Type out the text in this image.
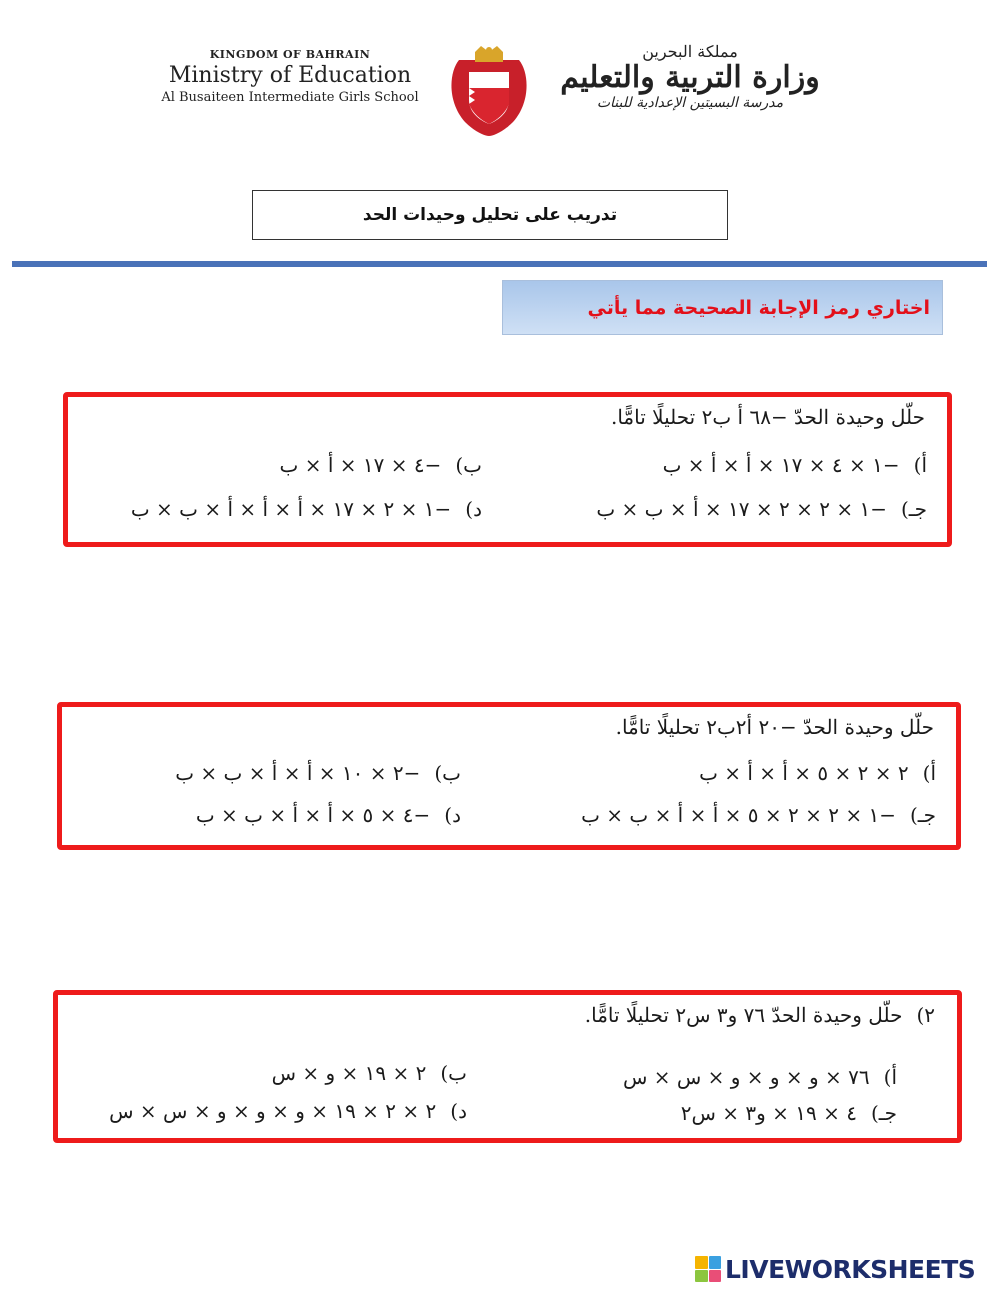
KINGDOM OF BAHRAIN
Ministry of Education
Al Busaiteen Intermediate Girls School
مملكة البحرين
وزارة التربية والتعليم
مدرسة البسيتين الإعدادية للبنات
تدريب على تحليل وحيدات الحد
اختاري رمز الإجابة الصحيحة مما يأتي
حلّل وحيدة الحدّ −٦٨ أ ب٢ تحليلًا تامًّا.
أ)−١ × ٤ × ١٧ × أ × أ × ب
ب)−٤ × ١٧ × أ × ب
جـ)−١ × ٢ × ٢ × ١٧ × أ × ب × ب
د)−١ × ٢ × ١٧ × أ × أ × أ × ب × ب
حلّل وحيدة الحدّ −٢٠ أ٢ب٢ تحليلًا تامًّا.
أ)٢ × ٢ × ٥ × أ × أ × ب
ب)−٢ × ١٠ × أ × أ × ب × ب
جـ)−١ × ٢ × ٢ × ٥ × أ × أ × ب × ب
د)−٤ × ٥ × أ × أ × ب × ب
٢)حلّل وحيدة الحدّ ٧٦ و٣ س٢ تحليلًا تامًّا.
أ)٧٦ × و × و × و × س × س
ب)٢ × ١٩ × و × س
جـ)٤ × ١٩ × و٣ × س٢
د)٢ × ٢ × ١٩ × و × و × و × س × س
LIVEWORKSHEETS
